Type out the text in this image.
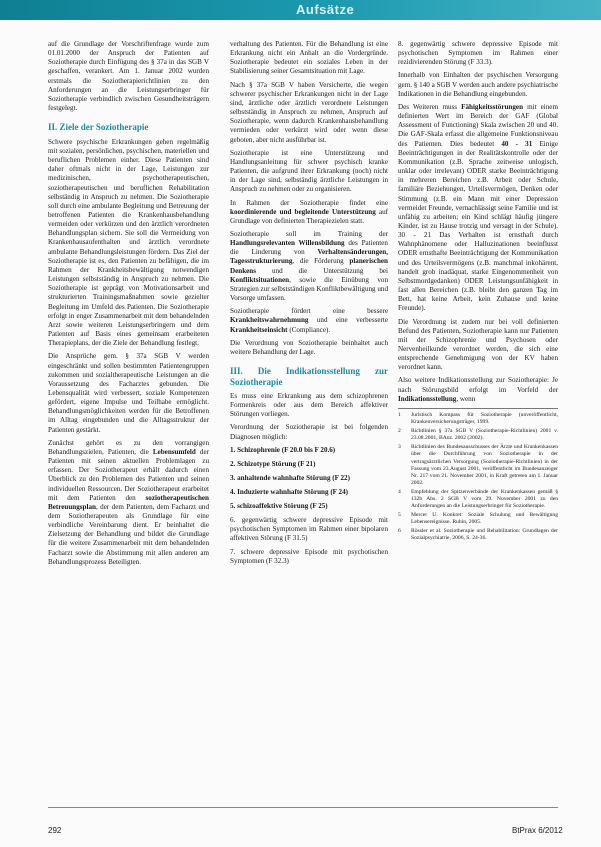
Aufsätze

auf die Grundlage der Vorschriftenfrage wurde zum 01.01.2000 der Anspruch der Patienten auf Soziotherapie durch Einfügung des § 37a in das SGB V geschaffen, verankert. Am 1. Januar 2002 wurden erstmals die Soziotherapierichtlinien zu den Anforderungen an die Leistungserbringer für Soziotherapie verbindlich zwischen Gesundheitsträgern festgelegt.

II. Ziele der Soziotherapie

Schwere psychische Erkrankungen gehen regelmäßig mit sozialen, persönlichen, psychischen, materiellen und beruflichen Problemen einher. Diese Patienten sind daher oftmals nicht in der Lage, Leistungen zur medizinischen, psychotherapeutischen, soziotherapeutischen und beruflichen Rehabilitation selbständig in Anspruch zu nehmen. Die Soziotherapie soll durch eine ambulante Begleitung und Betreuung der betroffenen Patienten die Krankenhausbehandlung vermeiden oder verkürzen und den ärztlich verordneten Behandlungsplan sichern. Sie soll die Vermeidung von Krankenhausaufenthalten und ärztlich verordnete ambulante Behandlungsleistungen fördern. Das Ziel der Soziotherapie ist es, den Patienten zu befähigen, die im Rahmen der Krankheitsbewältigung notwendigen Leistungen selbstständig in Anspruch zu nehmen. Die Soziotherapie ist geprägt von Motivationsarbeit und strukturierten Trainingsmaßnahmen sowie gezielter Begleitung im Umfeld des Patienten. Die Soziotherapie erfolgt in enger Zusammenarbeit mit dem behandelnden Arzt sowie weiteren Leistungserbringern und dem Patienten auf Basis eines gemeinsam erarbeiteten Therapieplans, der die Ziele der Behandlung festlegt.

Die Ansprüche gem. § 37a SGB V werden eingeschränkt und sollen bestimmten Patientengruppen zukommen und sozialtherapeutische Leistungen an die Voraussetzung des Facharztes gebunden. Die Lebensqualität wird verbessert, soziale Kompetenzen gefördert, eigene Impulse und Teilhabe ermöglicht. Behandlungsmöglichkeiten werden für die Betroffenen im Alltag eingebunden und die Alltagsstruktur der Patienten gestärkt.

Zunächst gehört es zu den vorrangigen Behandlungszielen, Patienten, die Lebensumfeld der Patienten mit seinen aktuellen Problemlagen zu erfassen. Der Soziotherapeut erhält dadurch einen Überblick zu den Problemen des Patienten und seinen individuellen Ressourcen. Der Soziotherapeut erarbeitet mit dem Patienten den soziotherapeutischen Betreuungsplan, der dem Patienten, dem Facharzt und dem Soziotherapeuten als Grundlage für eine verbindliche Vereinbarung dient. Er beinhaltet die Zielsetzung der Behandlung und bildet die Grundlage für die weitere Zusammenarbeit mit dem behandelnden Facharzt sowie die Abstimmung mit allen anderen am Behandlungsprozess Beteiligten.

verhaltung des Patienten. Für die Behandlung ist eine Erkrankung nicht ein Anhalt an die Vordergründe. Soziotherapie bedeutet ein soziales Leben in der Stabilisierung seiner Gesamtsituation mit Lage.

Nach § 37a SGB V haben Versicherte, die wegen schwerer psychischer Erkrankungen nicht in der Lage sind, ärztliche oder ärztlich verordnete Leistungen selbstständig in Anspruch zu nehmen, Anspruch auf Soziotherapie, wenn dadurch Krankenhausbehandlung vermieden oder verkürzt wird oder wenn diese geboten, aber nicht ausführbar ist.

Soziotherapie ist eine Unterstützung und Handlungsanleitung für schwer psychisch kranke Patienten, die aufgrund ihrer Erkrankung (noch) nicht in der Lage sind, selbständig ärztliche Leistungen in Anspruch zu nehmen oder zu organisieren.

In Rahmen der Soziotherapie findet eine koordinierende und begleitende Unterstützung auf Grundlage von definierten Therapiezielen statt.

Soziotherapie soll im Training der Handlungsrelevanten Willensbildung des Patienten die Linderung von Verhaltensänderungen, Tagesstrukturierung, die Förderung planerischen Denkens und die Unterstützung bei Konfliktsituationen, sowie die Einübung von Strategien zur selbstständigen Konfliktbewältigung und Vorsorge umfassen.

Soziotherapie fördert eine bessere Krankheitswahrnehmung und eine verbesserte Krankheitseinsicht (Compliance).

Die Verordnung von Soziotherapie beinhaltet auch weitere Behandlung der Lage.

III. Die Indikationsstellung zur Soziotherapie

Es muss eine Erkrankung aus dem schizophrenen Formenkreis oder aus dem Bereich affektiver Störungen vorliegen.

Verordnung der Soziotherapie ist bei folgenden Diagnosen möglich:

1. Schizophrenie (F 20.0 bis F 20.6)
2. Schizotype Störung (F 21)
3. anhaltende wahnhafte Störung (F 22)
4. Induzierte wahnhafte Störung (F 24)
5. schizoaffektive Störung (F 25)
6. gegenwärtig schwere depressive Episode mit psychotischen Symptomen im Rahmen einer bipolaren affektiven Störung (F 31.5)
7. schwere depressive Episode mit psychotischen Symptomen (F 32.3)

8. gegenwärtig schwere depressive Episode mit psychotischen Symptomen im Rahmen einer rezidivierenden Störung (F 33.3).

Innerhalb von Einhalten der psychischen Versorgung gem. § 140 a SGB V werden auch andere psychiatrische Indikationen in die Behandlung eingebunden.

Des Weiteren muss Fähigkeitsstörungen mit einem definierten Wert im Bereich der GAF (Global Assessment of Functioning) Skala zwischen 20 und 40. Die GAF-Skala erfasst die allgemeine Funktionsniveau des Patienten. Dies bedeutet 40 - 31 Einige Beeinträchtigungen in der Realitätskontrolle oder der Kommunikation (z.B. Sprache zeitweise unlogisch, unklar oder irrelevant) ODER starke Beeinträchtigung in mehreren Bereichen z.B. Arbeit oder Schule, familiäre Beziehungen, Urteilsvermögen, Denken oder Stimmung (z.B. ein Mann mit einer Depression vermeidet Freunde, vernachlässigt seine Familie und ist unfähig zu arbeiten; ein Kind schlägt häufig jüngere Kinder, ist zu Hause trotzig und versagt in der Schule). 30 - 21 Das Verhalten ist ernsthaft durch Wahnphänomene oder Halluzinationen beeinflusst ODER ernsthafte Beeinträchtigung der Kommunikation und des Urteilsvermögens (z.B. manchmal inkohärent, handelt grob inadäquat, starke Eingenommenheit von Selbstmordgedanken) ODER Leistungsunfähigkeit in fast allen Bereichen (z.B. bleibt den ganzen Tag im Bett, hat keine Arbeit, kein Zuhause und keine Freunde).

Die Verordnung ist zudem nur bei voll definierten Befund des Patienten, Soziotherapie kann nur Patienten mit der Schizophrenie und Psychosen oder Nervenheilkunde verordnet werden, die sich eine entsprechende Genehmigung von der KV haben verordnet kann.

Also weitere Indikationsstellung zur Soziotherapie: Je nach Störungsbild erfolgt im Vorfeld der Indikationsstellung, wenn

1	Juristisch Kompass für Soziotherapie (unveröffentlicht, Krankenversicherungsträger, 1999.
2	Richtlinien § 37a SGB V (Soziotherapie-Richtlinien) 2001 v. 23.08.2001, BAnz. 2002 (2002).
3	Richtlinien des Bundesausschusses der Ärzte und Krankenkassen über die Durchführung von Soziotherapie in der vertragsärztlichen Versorgung (Soziotherapie-Richtlinien) in der Fassung vom 23.August 2001, veröffentlicht im Bundesanzeiger Nr. 217 vom 21. November 2001, in Kraft getreten am 1. Januar 2002.
4	Empfehlung der Spitzenverbände der Krankenkassen gemäß § 132b Abs. 2 SGB V vom 29. November 2001 zu den Anforderungen an die Leistungserbringer für Soziotherapie.
5	Mercer U. Konkret: Soziale Schulung und Bewältigung Lebensereignisse. Rubin, 2005.
6	Rössler et al. Soziotherapie und Rehabilitation: Grundlagen der Sozialpsychiatrie, 2006, S. 24-36.
292	BtPrax 6/2012
